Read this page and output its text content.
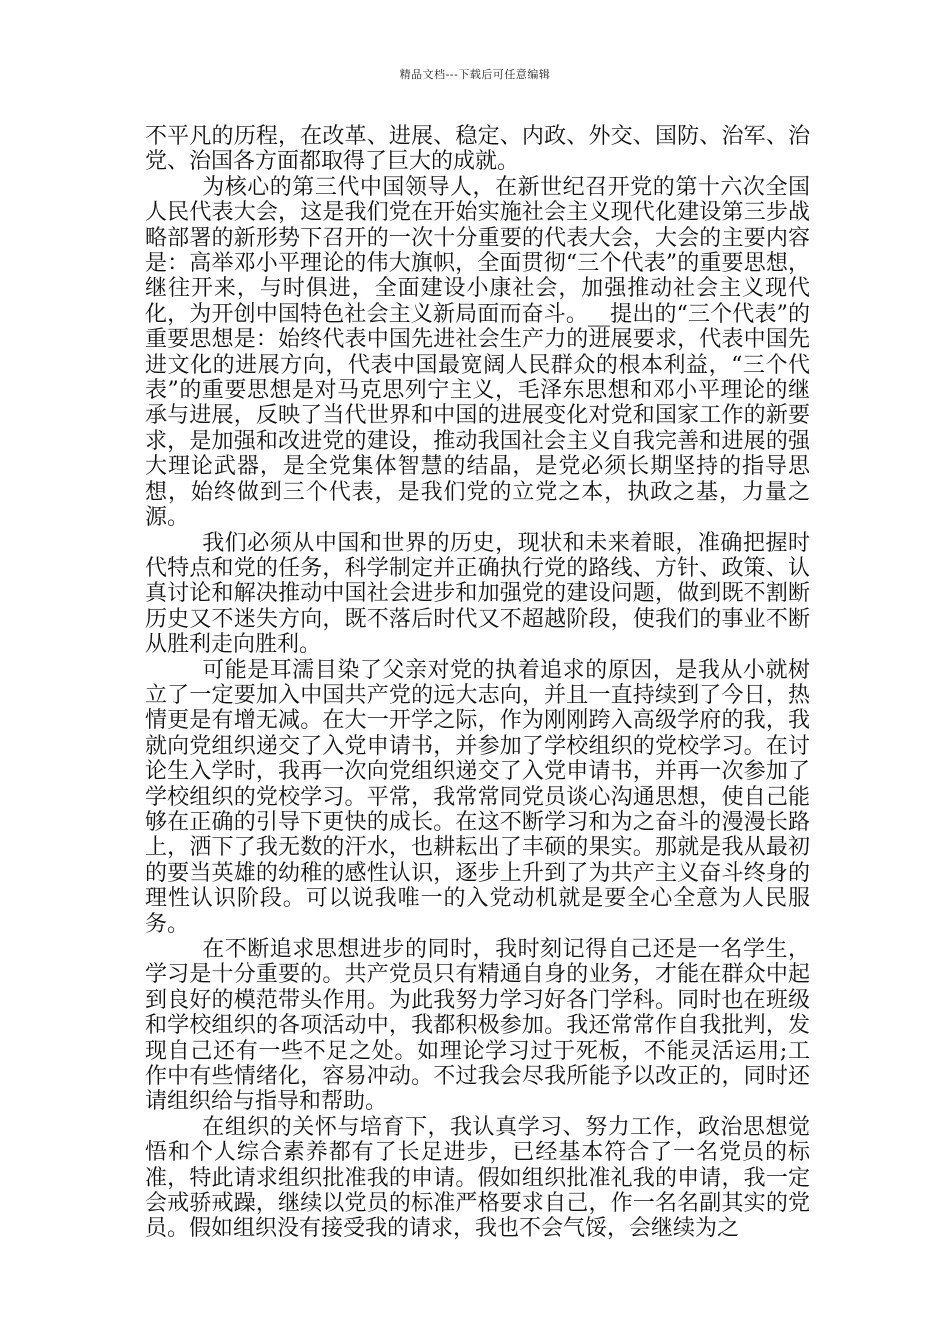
精品文档---下载后可任意编辑

不平凡的历程，在改革、进展、稳定、内政、外交、国防、治军、治党、治国各方面都取得了巨大的成就。

为核心的第三代中国领导人，在新世纪召开党的第十六次全国人民代表大会，这是我们党在开始实施社会主义现代化建设第三步战略部署的新形势下召开的一次十分重要的代表大会，大会的主要内容是：高举邓小平理论的伟大旗帜，全面贯彻“三个代表”的重要思想，继往开来，与时俱进，全面建设小康社会，加强推动社会主义现代化，为开创中国特色社会主义新局面而奋斗。__提出的“三个代表”的重要思想是：始终代表中国先进社会生产力的进展要求，代表中国先进文化的进展方向，代表中国最宽阔人民群众的根本利益，“三个代表”的重要思想是对马克思列宁主义，毛泽东思想和邓小平理论的继承与进展，反映了当代世界和中国的进展变化对党和国家工作的新要求，是加强和改进党的建设，推动我国社会主义自我完善和进展的强大理论武器，是全党集体智慧的结晶，是党必须长期坚持的指导思想，始终做到三个代表，是我们党的立党之本，执政之基，力量之源。

我们必须从中国和世界的历史，现状和未来着眼，准确把握时代特点和党的任务，科学制定并正确执行党的路线、方针、政策、认真讨论和解决推动中国社会进步和加强党的建设问题，做到既不割断历史又不迷失方向，既不落后时代又不超越阶段，使我们的事业不断从胜利走向胜利。

可能是耳濡目染了父亲对党的执着追求的原因，是我从小就树立了一定要加入中国共产党的远大志向，并且一直持续到了今日，热情更是有增无减。在大一开学之际，作为刚刚跨入高级学府的我，我就向党组织递交了入党申请书，并参加了学校组织的党校学习。在讨论生入学时，我再一次向党组织递交了入党申请书，并再一次参加了学校组织的党校学习。平常，我常常同党员谈心沟通思想，使自己能够在正确的引导下更快的成长。在这不断学习和为之奋斗的漫漫长路上，洒下了我无数的汗水，也耕耘出了丰硕的果实。那就是我从最初的要当英雄的幼稚的感性认识，逐步上升到了为共产主义奋斗终身的理性认识阶段。可以说我唯一的入党动机就是要全心全意为人民服务。

在不断追求思想进步的同时，我时刻记得自己还是一名学生，学习是十分重要的。共产党员只有精通自身的业务，才能在群众中起到良好的模范带头作用。为此我努力学习好各门学科。同时也在班级和学校组织的各项活动中，我都积极参加。我还常常作自我批判，发现自己还有一些不足之处。如理论学习过于死板，不能灵活运用;工作中有些情绪化，容易冲动。不过我会尽我所能予以改正的，同时还请组织给与指导和帮助。

在组织的关怀与培育下，我认真学习、努力工作，政治思想觉悟和个人综合素养都有了长足进步，已经基本符合了一名党员的标准，特此请求组织批准我的申请。假如组织批准礼我的申请，我一定会戒骄戒躁，继续以党员的标准严格要求自己，作一名名副其实的党员。假如组织没有接受我的请求，我也不会气馁，会继续为之
